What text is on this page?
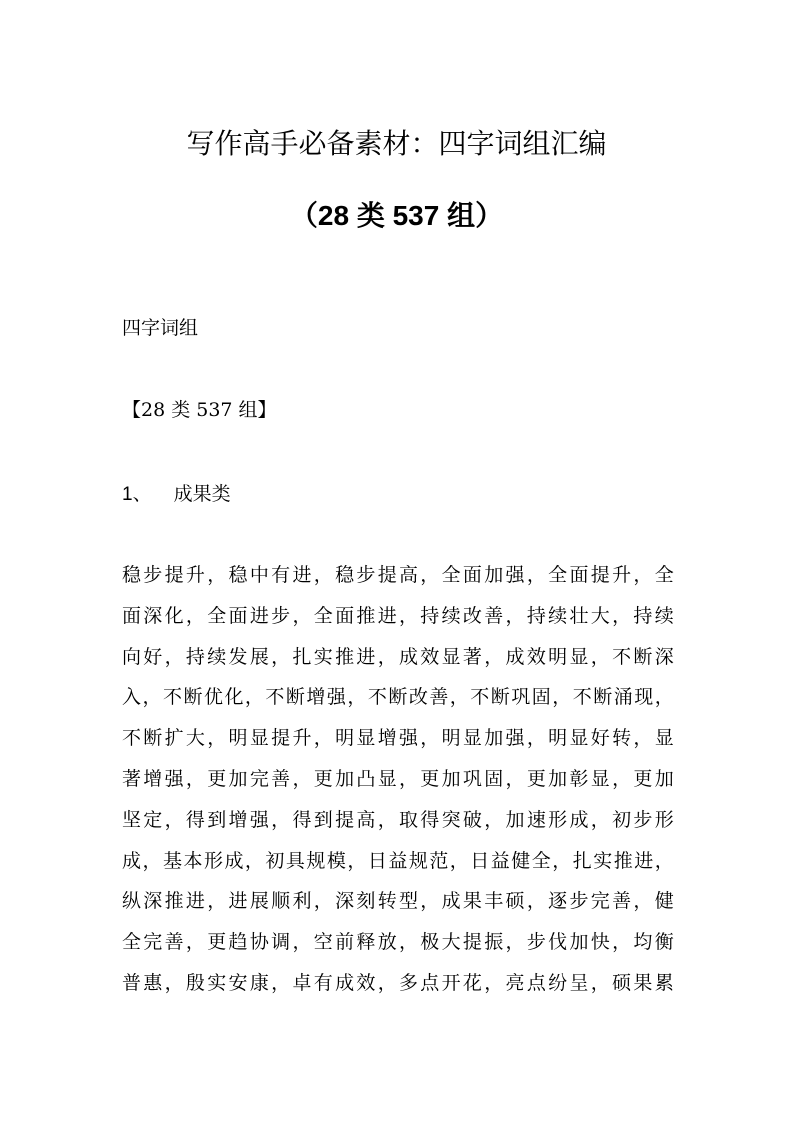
写作高手必备素材：四字词组汇编
（28 类 537 组）
四字词组
【28 类 537 组】
1、 成果类
稳步提升，稳中有进，稳步提高，全面加强，全面提升，全
面深化，全面进步，全面推进，持续改善，持续壮大，持续
向好，持续发展，扎实推进，成效显著，成效明显，不断深
入，不断优化，不断增强，不断改善，不断巩固，不断涌现，
不断扩大，明显提升，明显增强，明显加强，明显好转，显
著增强，更加完善，更加凸显，更加巩固，更加彰显，更加
坚定，得到增强，得到提高，取得突破，加速形成，初步形
成，基本形成，初具规模，日益规范，日益健全，扎实推进，
纵深推进，进展顺利，深刻转型，成果丰硕，逐步完善，健
全完善，更趋协调，空前释放，极大提振，步伐加快，均衡
普惠，殷实安康，卓有成效，多点开花，亮点纷呈，硕果累
